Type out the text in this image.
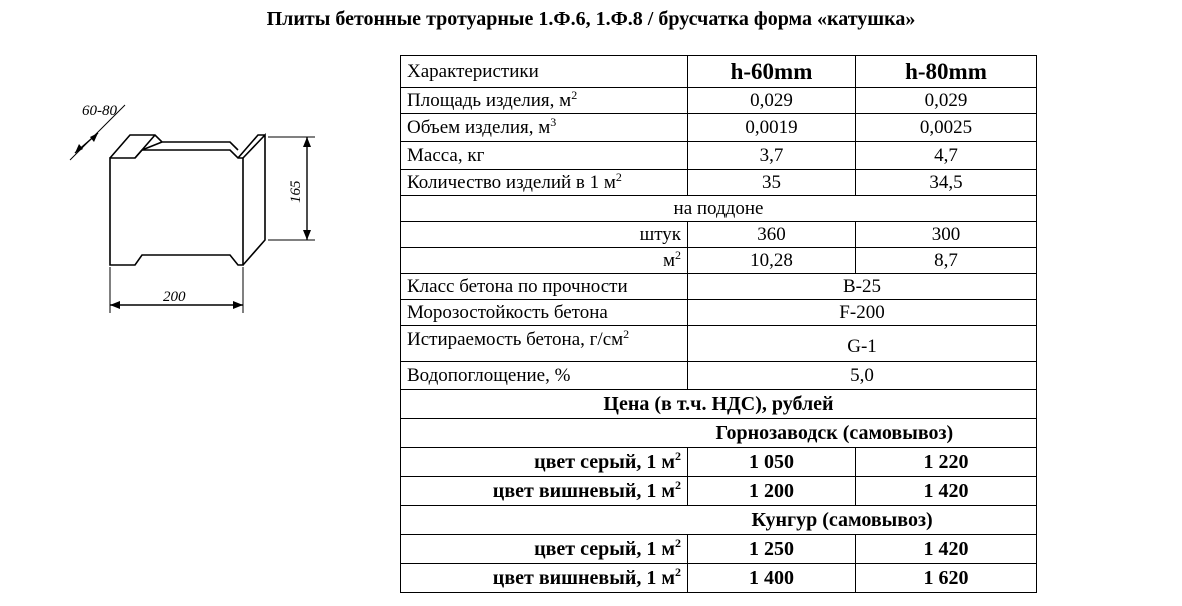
Плиты бетонные тротуарные 1.Ф.6, 1.Ф.8 / брусчатка форма «катушка»
60-80
165
200
Характеристики	h-60mm	h-80mm
Площадь изделия, $м^2$	0,029	0,029
Объем изделия, $м^3$	0,0019	0,0025
Масса, кг	3,7	4,7
Количество изделий в 1 $м^2$	35	34,5
на поддоне		
штук	360	300
$м^2$	10,28	8,7
Класс бетона по прочности	В-25	
Морозостойкость бетона	F-200	
Истираемость бетона, $г/см^2$	G-1	
Водопоглощение, %	5,0	
Цена (в т.ч. НДС), рублей		
	Горнозаводск (самовывоз)	
цвет серый, 1 $м^2$	1 050	1 220
цвет вишневый, 1 $м^2$	1 200	1 420
	Кунгур (самовывоз)	
цвет серый, 1 $м^2$	1 250	1 420
цвет вишневый, 1 $м^2$	1 400	1 620
